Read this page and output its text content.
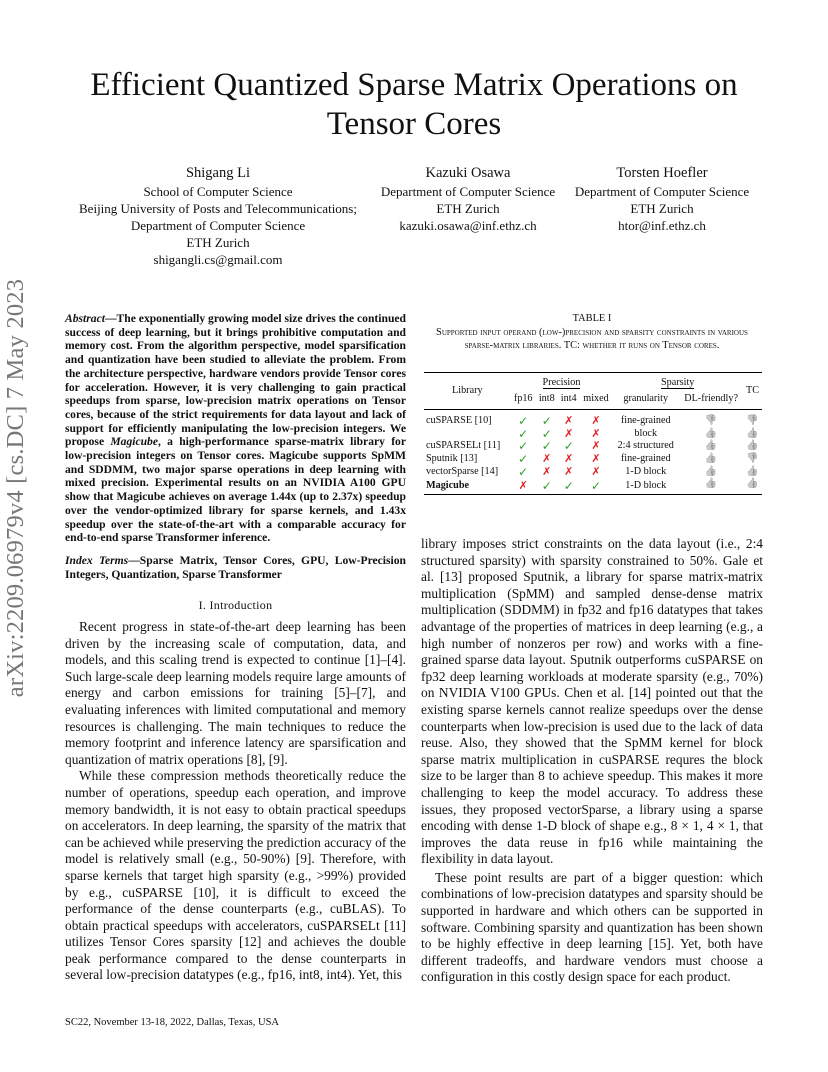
Efficient Quantized Sparse Matrix Operations on Tensor Cores
arXiv:2209.06979v4 [cs.DC] 7 May 2023
Shigang Li
School of Computer Science
Beijing University of Posts and Telecommunications;
Department of Computer Science
ETH Zurich
shigangli.cs@gmail.com
Kazuki Osawa
Department of Computer Science
ETH Zurich
kazuki.osawa@inf.ethz.ch
Torsten Hoefler
Department of Computer Science
ETH Zurich
htor@inf.ethz.ch
Abstract—The exponentially growing model size drives the continued success of deep learning, but it brings prohibitive computation and memory cost. From the algorithm perspective, model sparsification and quantization have been studied to alleviate the problem. From the architecture perspective, hardware vendors provide Tensor cores for acceleration. However, it is very challenging to gain practical speedups from sparse, low-precision matrix operations on Tensor cores, because of the strict requirements for data layout and lack of support for efficiently manipulating the low-precision integers. We propose Magicube, a high-performance sparse-matrix library for low-precision integers on Tensor cores. Magicube supports SpMM and SDDMM, two major sparse operations in deep learning with mixed precision. Experimental results on an NVIDIA A100 GPU show that Magicube achieves on average 1.44x (up to 2.37x) speedup over the vendor-optimized library for sparse kernels, and 1.43x speedup over the state-of-the-art with a comparable accuracy for end-to-end sparse Transformer inference.
Index Terms—Sparse Matrix, Tensor Cores, GPU, Low-Precision Integers, Quantization, Sparse Transformer
I. Introduction

Recent progress in state-of-the-art deep learning has been driven by the increasing scale of computation, data, and models, and this scaling trend is expected to continue [1]–[4]. Such large-scale deep learning models require large amounts of energy and carbon emissions for training [5]–[7], and evaluating inferences with limited computational and memory resources is challenging. The main techniques to reduce the memory footprint and inference latency are sparsification and quantization of matrix operations [8], [9].

While these compression methods theoretically reduce the number of operations, speedup each operation, and improve memory bandwidth, it is not easy to obtain practical speedups on accelerators. In deep learning, the sparsity of the matrix that can be achieved while preserving the prediction accuracy of the model is relatively small (e.g., 50-90%) [9]. Therefore, with sparse kernels that target high sparsity (e.g., >99%) provided by e.g., cuSPARSE [10], it is difficult to exceed the performance of the dense counterparts (e.g., cuBLAS). To obtain practical speedups with accelerators, cuSPARSELt [11] utilizes Tensor Cores sparsity [12] and achieves the double peak performance compared to the dense counterparts in several low-precision datatypes (e.g., fp16, int8, int4). Yet, this

TABLE I
Supported input operand (low-)precision and sparsity constraints in various sparse-matrix libraries. TC: whether it runs on Tensor cores.
Library	Precision				Sparsity		TC
	fp16	int8	int4	mixed	granularity	DL-friendly?	
cuSPARSE [10]	✓	✓	✗	✗	fine-grained	👎	👎
	✓	✓	✗	✗	block	👍	👍
cuSPARSELt [11]	✓	✓	✓	✗	2:4 structured	👍	👍
Sputnik [13]	✓	✗	✗	✗	fine-grained	👍	👎
vectorSparse [14]	✓	✗	✗	✗	1-D block	👍	👍
Magicube	✗	✓	✓	✓	1-D block	👍	👍

library imposes strict constraints on the data layout (i.e., 2:4 structured sparsity) with sparsity constrained to 50%. Gale et al. [13] proposed Sputnik, a library for sparse matrix-matrix multiplication (SpMM) and sampled dense-dense matrix multiplication (SDDMM) in fp32 and fp16 datatypes that takes advantage of the properties of matrices in deep learning (e.g., a high number of nonzeros per row) and works with a fine-grained sparse data layout. Sputnik outperforms cuSPARSE on fp32 deep learning workloads at moderate sparsity (e.g., 70%) on NVIDIA V100 GPUs. Chen et al. [14] pointed out that the existing sparse kernels cannot realize speedups over the dense counterparts when low-precision is used due to the lack of data reuse. Also, they showed that the SpMM kernel for block sparse matrix multiplication in cuSPARSE requres the block size to be larger than 8 to achieve speedup. This makes it more challenging to keep the model accuracy. To address these issues, they proposed vectorSparse, a library using a sparse encoding with dense 1-D block of shape e.g., 8 × 1, 4 × 1, that improves the data reuse in fp16 while maintaining the flexibility in data layout.

These point results are part of a bigger question: which combinations of low-precision datatypes and sparsity should be supported in hardware and which others can be supported in software. Combining sparsity and quantization has been shown to be highly effective in deep learning [15]. Yet, both have different tradeoffs, and hardware vendors must choose a configuration in this costly design space for each product.

SC22, November 13-18, 2022, Dallas, Texas, USA
